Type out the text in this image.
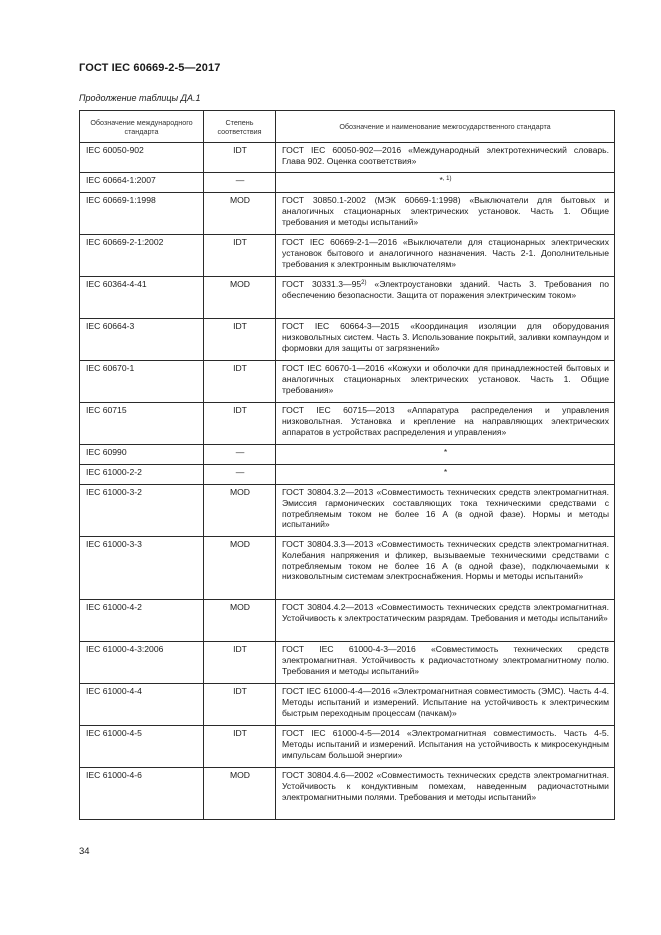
ГОСТ IEC 60669-2-5—2017
Продолжение таблицы ДА.1
Обозначение международного стандарта	Степень соответствия	Обозначение и наименование межгосударственного стандарта
IEC 60050-902	IDT	ГОСТ IEC 60050-902—2016 «Международный электротехнический словарь. Глава 902. Оценка соответствия»
IEC 60664-1:2007	—	*$^{, 1)}$
IEC 60669-1:1998	MOD	ГОСТ 30850.1-2002 (МЭК 60669-1:1998) «Выключатели для бытовых и аналогичных стационарных электрических установок. Часть 1. Общие требования и методы испытаний»
IEC 60669-2-1:2002	IDT	ГОСТ IEC 60669-2-1—2016 «Выключатели для стационарных электрических установок бытового и аналогичного назначения. Часть 2-1. Дополнительные требования к электронным выключателям»
IEC 60364-4-41	MOD	ГОСТ 30331.3—95$^{2)}$ «Электроустановки зданий. Часть 3. Требования по обеспечению безопасности. Защита от поражения электрическим током»
IEC 60664-3	IDT	ГОСТ IEC 60664-3—2015 «Координация изоляции для оборудования низковольтных систем. Часть 3. Использование покрытий, заливки компаундом и формовки для защиты от загрязнений»
IEC 60670-1	IDT	ГОСТ IEC 60670-1—2016 «Кожухи и оболочки для принадлежностей бытовых и аналогичных стационарных электрических установок. Часть 1. Общие требования»
IEC 60715	IDT	ГОСТ IEC 60715—2013 «Аппаратура распределения и управления низковольтная. Установка и крепление на направляющих электрических аппаратов в устройствах распределения и управления»
IEC 60990	—	*
IEC 61000-2-2	—	*
IEC 61000-3-2	MOD	ГОСТ 30804.3.2—2013 «Совместимость технических средств электромагнитная. Эмиссия гармонических составляющих тока техническими средствами с потребляемым током не более 16 А (в одной фазе). Нормы и методы испытаний»
IEC 61000-3-3	MOD	ГОСТ 30804.3.3—2013 «Совместимость технических средств электромагнитная. Колебания напряжения и фликер, вызываемые техническими средствами с потребляемым током не более 16 А (в одной фазе), подключаемыми к низковольтным системам электроснабжения. Нормы и методы испытаний»
IEC 61000-4-2	MOD	ГОСТ 30804.4.2—2013 «Совместимость технических средств электромагнитная. Устойчивость к электростатическим разрядам. Требования и методы испытаний»
IEC 61000-4-3:2006	IDT	ГОСТ IEC 61000-4-3—2016 «Совместимость технических средств электромагнитная. Устойчивость к радиочастотному электромагнитному полю. Требования и методы испытаний»
IEC 61000-4-4	IDT	ГОСТ IEC 61000-4-4—2016 «Электромагнитная совместимость (ЭМС). Часть 4-4. Методы испытаний и измерений. Испытание на устойчивость к электрическим быстрым переходным процессам (пачкам)»
IEC 61000-4-5	IDT	ГОСТ IEC 61000-4-5—2014 «Электромагнитная совместимость. Часть 4-5. Методы испытаний и измерений. Испытания на устойчивость к микросекундным импульсам большой энергии»
IEC 61000-4-6	MOD	ГОСТ 30804.4.6—2002 «Совместимость технических средств электромагнитная. Устойчивость к кондуктивным помехам, наведенным радиочастотными электромагнитными полями. Требования и методы испытаний»
34
